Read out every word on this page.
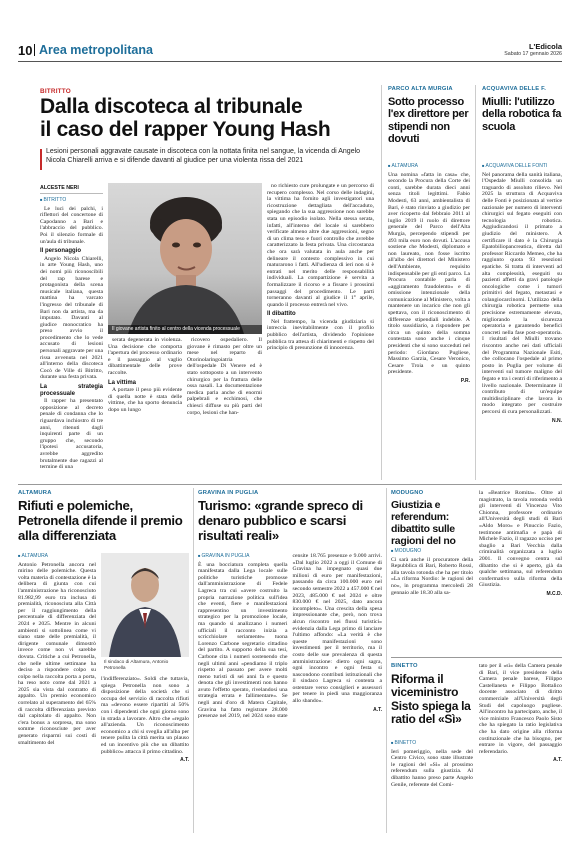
10 Area metropolitana	L'Edicola
Sabato 17 gennaio 2026
BITRITTO
Dalla discoteca al tribunale
il caso del rapper Young Hash

Lesioni personali aggravate causate in discoteca con la nottata finita nel sangue, la vicenda di Angelo Nicola Chiarelli arriva e si difende davanti al giudice per una violenta rissa del 2021

ALCESTE NERI
■ BITRITTO

Le luci dei palchi, i riflettori del concertone di Capodanno a Bari e l'abbraccio del pubblico. Poi il silenzio formale di un'aula di tribunale.

Il personaggio

Angelo Nicola Chiarelli, in arte Young Hash, uno dei nomi più riconoscibili del rap barese e protagonista della scena musicale italiana, questa mattina ha varcato l'ingresso del tribunale di Bari non da artista, ma da imputato. Davanti al giudice monocratico ha preso avvio il procedimento che lo vede accusato di lesioni personali aggravate per una rissa avvenuta nel 2021 all'interno della discoteca Cocò de Ville di Bitritto, durante una festa privata.

La strategia processuale

Il rapper ha presentato opposizione al decreto penale di condanna che lo riguardava inchiostro di tre anni, ritenuti dagli inquirenti parte di un gruppo che, secondo l'ipotesi accusatoria, avrebbe aggredito brutalmente due ragazzi al termine di una

Il giovane artista finito al centro della vicenda processuale

serata degenerata in violenza. Una decisione che comporta l'apertura del processo ordinario e il passaggio al vaglio dibattimentale delle prove raccolte.

La vittima

A portare il peso più evidente di quella notte è stata delle vittime, che ha sporto denuncia dopo un lungo

ricovero ospedaliero. Il giovane è rimasto per oltre un mese nel reparto di Otorinolaringoiatria dell'ospedale Di Venere ed è stato sottoposto a un intervento chirurgico per la frattura delle ossa nasali. La documentazione medica parla anche di enormi palpebrali e ecchimosi, che chiesci diffuse su più parti del corpo, lesioni che han-

no richiesto cure prolungate e un percorso di recupero complesso. Nel corso delle indagini, la vittima ha fornito agli investigatori una ricostruzione dettagliata dell'accaduto, spiegando che la sua aggressione non sarebbe stata un episodio isolato. Nella stessa serata, infatti, all'interno del locale si sarebbero verificate almeno altre due aggressioni, segno di un clima teso e fuori controllo che avrebbe caratterizzato la festa privata. Una circostanza che ora sarà valutata in aula anche per delineare il contesto complessivo in cui maturarono i fatti. All'udienza di ieri non si è entrati nel merito delle responsabilità individuali. La compartizione è servita a formalizzare il ricorso e a fissare i prossimi passaggi del procedimento. Le parti torneranno davanti al giudice il 1° aprile, quando il processo entrerà nel vivo.

Il dibattito

Nel frattempo, la vicenda giudiziaria si intreccia inevitabilmente con il profilo pubblico dell'artista, dividendo l'opinione pubblica tra attesa di chiarimenti e rispetto del principio di presunzione di innocenza.

PARCO ALTA MURGIA
Sotto processo l'ex direttore per stipendi non dovuti
■ ALTAMURA

Una nomina «fatta in casa» che, secondo la Procura della Corte dei conti, sarebbe durata dieci anni senza titoli legittimi. Fabio Modesti, 63 anni, ambientalista di Bari, è stato rinviato a giudizio per aver ricoperto dal febbraio 2011 al luglio 2019 il ruolo di direttore generale del Parco dell'Alta Murgia, percependo stipendi per 493 mila euro non dovuti. L'accusa sostiene che Modesti, diplomato e non laureato, non fosse iscritto all'albo dei direttori del Ministero dell'Ambiente, requisito indispensabile per gli enti parco. La Procura contabile parla di «aggiramento fraudolento» e di omissione intenzionale della comunicazione al Ministero, volta a mantenere un incarico che non gli spettava, con il riconoscimento di differenze stipendiali indebite. A titolo sussidiario, a rispondere per circa un quinto della somma contestata sono anche i cinque presidenti che si sono succeduti nel periodo: Giordano Pugliese, Massimo Garzia, Cesare Veronico, Cesare Troia e un quinto presidente.

P.R.
ACQUAVIVA DELLE F.
Miulli: l'utilizzo della robotica fa scuola
■ ACQUAVIVA DELLE FONTI

Nel panorama della sanità italiana, l'Ospedale Miulli consolida un traguardo di assoluto rilievo. Nel 2025 la struttura di Acquaviva delle Fonti è posizionata al vertice nazionale per numero di interventi chirurgici sul fegato eseguiti con tecnologia robotica. Aggiudicandosi il primato a giudizio del ministero. A certificare il dato è la Chirurgia Epatobiliopancreatica, diretta dal professor Riccardo Memeo, che ha raggiunto quota 93 resezioni epatiche. Si tratta di interventi ad alta complessità, eseguiti su pazienti affetti da gravi patologie oncologiche come i tumori primitivi del fegato, metastasi e colangiocarcinomi. L'utilizzo della chirurgia robotica permette una precisione estremamente elevata, migliorando la sicurezza operatoria e garantendo benefici concreti nella fase post-operatoria. I risultati del Miulli trovano riscontro anche nei dati ufficiali del Programma Nazionale Esiti, che collocano l'ospedale al primo posto in Puglia per volume di interventi sul tumore maligno del fegato e tra i centri di riferimento a livello nazionale. Determinante il contributo di un'equipe multidisciplinare che lavora in modo integrato per costruire percorsi di cura personalizzati.

N.N.
ALTAMURA
Rifiuti e polemiche, Petronella difende il premio alla differenziata
■ ALTAMURA

Antonio Petronella ancora nel mirino delle polemiche. Questa volta materia di contestazione è la delibera di giunta con cui l'amministrazione ha riconosciuto 81.982,99 euro tra inclusa di premialità, riconosciuta alla Città per il raggiungimento della percentuale di differenziata del 2024 e 2025. Mentre in alcuni ambienti si sottolinea come vi siano state delle premialità, il dirigente comunale dimostrò invece come non vi sarebbe dovuta. Critiche a cui Petronella, che nelle ultime settimane ha deciso a rispondere colpo su colpo nella raccolta porta a porta, ha reso noto come dal 2021 a 2025 sia vista dal contratto di appalto. Un premio economico correlato al superamento del 65% di raccolta differenziata previsto dal capitolato di appalto. Non c'era bonus a sorpresa, ma sono somme riconosciute per aver generato risparmi sui costi di smaltimento del

Il sindaco di Altamura, Antonio Petronella

l'indifferenziato». Soldi che tuttavia, spiega Petronella non sono a disposizione della società che si occupa del servizio di raccolta rifiuti ma «devono essere ripartiti al 50% con i dipendenti che ogni giorno sono in strada a lavorare. Altro che «regalo all'azienda. Un riconoscimento economico a chi si sveglia all'alba per tenere pulita la città merita un plauso ed un incentivo più che un dibattito pubblico» attacca il primo cittadino.

A.T.
GRAVINA IN PUGLIA
Turismo: «grande spreco di denaro pubblico e scarsi risultati reali»
■ GRAVINA IN PUGLIA

È una bocciatura completa quella manifestata dalla Lega locale sulle politiche turistiche promosse dall'amministrazione di Fedele Lagreca tra cui «avere costruito la propria narrazione politica sull'idea che eventi, fiere e manifestazioni rappresentino un investimento strategico per la promozione locale, ma quando si analizzano i numeri ufficiali il racconto inizia a scricchiolare seriamente» tuona Lorenzo Carbone segretario cittadino del partito. A supporto della sua tesi, Carbone cita i numeri sostenendo che negli ultimi anni «pendiamo il triplo rispetto al passato per avere molti meno turisti di sei anni fa e questo denota che gli investimenti non hanno avuto l'effetto sperato, rivelandosi una strategia errata e fallimentare». Se negli anni d'oro di Matera Capitale, Gravina ha fatto registrare 28.000 presenze nel 2019, nel 2024 sono state censite 18.765 presenze e 9.000 arrivi. «Dal luglio 2022 a oggi il Comune di Gravina ha impegnato quasi due milioni di euro per manifestazioni, passando da circa 100.000 euro nel secondo semestre 2022 a 457.000 € nel 2023, 485.000 € nel 2024 e oltre 830.000 € nel 2025, dato ancora incompleto». Una crescita della spesa impressionante che, però, non trova alcun riscontro nei flussi turistici» evidenzia dalla Lega primo di lanciare l'ultimo affondo: «La verità è che queste manifestazioni sono investimenti per il territorio, ma il costo delle sue prevalenza di questa amministrazione: dietro ogni sagra, ogni incontro e ogni festa si nascondono contributi istituzionali che il sindaco Lagreca si contenta a ostentare verso consiglieri e assessori per tenere in piedi una maggioranza allo sbando».

A.T.
MODUGNO
Giustizia e referendum: dibattito sulle ragioni del no
■ MODUGNO

Ci sarà anche il procuratore della Repubblica di Bari, Roberto Rossi, alla tavola rotonda che ha per titolo «La riforma Nordio: le ragioni del no», in programma mercoledì 28 gennaio alle 18.30 alla sa-

la «Beatrice Romita». Oltre al magistrato, la tavola rotonda vedrà gli interventi di Vincenzo Vito Chionna, professore ordinario all'Università degli studi di Bari «Aldo Moro» e Pinuccio Fazio, testimone antimafia e papà di Michele Fazio, il ragazzo ucciso per sbaglio a Bari Vecchia dalla criminalità organizzata a luglio 2001. Il convegno centra sul dibattito che si è aperto, già da qualche settimana, sul referendum confermativo sulla riforma della Giustizia.

M.C.D.
BINETTO
Riforma il viceministro Sisto spiega la ratio del «Sì»
■ BINETTO

Ieri pomeriggio, nella sede del Centro Civico, sono state illustrate le ragioni del «Sì» al prossimo referendum sulla giustizia. Al dibattito hanno preso parte Angelo Genile, referente del Comi-

tato per il «sì» della Camera penale di Bari, il vice presidente della Camera penale barese, Filippo Castellaneta e Filippo Bottalico docente associato di diritto commerciale all'Università degli Studi del capoluogo pugliese. All'incontro ha partecipato, anche, il vice ministro Francesco Paolo Sisto che ha spiegato la ratio legislativa che ha dato origine alla riforma costituzionale che ha bisogno, per entrare in vigore, del passaggio referendario.

A.T.
